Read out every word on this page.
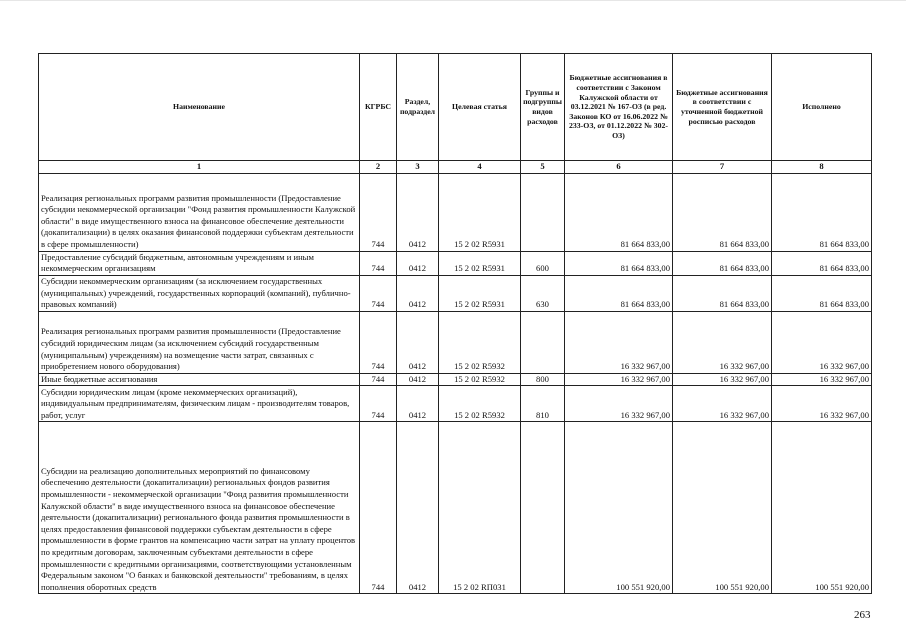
Наименование	КГРБС	Раздел, подраздел	Целевая статья	Группы и подгруппы видов расходов	Бюджетные ассигнования в соответствии с Законом Калужской области от 03.12.2021 № 167-ОЗ (в ред. Законов КО от 16.06.2022 № 233-ОЗ, от 01.12.2022 № 302-ОЗ)	Бюджетные ассигнования в соответствии с уточненной бюджетной росписью расходов	Исполнено
1	2	3	4	5	6	7	8
Реализация региональных программ развития промышленности (Предоставление субсидии некоммерческой организации "Фонд развития промышленности Калужской области" в виде имущественного взноса на финансовое обеспечение деятельности (докапитализации) в целях оказания финансовой поддержки субъектам деятельности в сфере промышленности)	744	0412	15 2 02 R5931		81 664 833,00	81 664 833,00	81 664 833,00
Предоставление субсидий бюджетным, автономным учреждениям и иным некоммерческим организациям	744	0412	15 2 02 R5931	600	81 664 833,00	81 664 833,00	81 664 833,00
Субсидии некоммерческим организациям (за исключением государственных (муниципальных) учреждений, государственных корпораций (компаний), публично-правовых компаний)	744	0412	15 2 02 R5931	630	81 664 833,00	81 664 833,00	81 664 833,00
Реализация региональных программ развития промышленности (Предоставление субсидий юридическим лицам (за исключением субсидий государственным (муниципальным) учреждениям) на возмещение части затрат, связанных с приобретением нового оборудования)	744	0412	15 2 02 R5932		16 332 967,00	16 332 967,00	16 332 967,00
Иные бюджетные ассигнования	744	0412	15 2 02 R5932	800	16 332 967,00	16 332 967,00	16 332 967,00
Субсидии юридическим лицам (кроме некоммерческих организаций), индивидуальным предпринимателям, физическим лицам - производителям товаров, работ, услуг	744	0412	15 2 02 R5932	810	16 332 967,00	16 332 967,00	16 332 967,00
Субсидии на реализацию дополнительных мероприятий по финансовому обеспечению деятельности (докапитализации) региональных фондов развития промышленности - некоммерческой организации "Фонд развития промышленности Калужской области" в виде имущественного взноса на финансовое обеспечение деятельности (докапитализации) регионального фонда развития промышленности в целях предоставления финансовой поддержки субъектам деятельности в сфере промышленности в форме грантов на компенсацию части затрат на уплату процентов по кредитным договорам, заключенным субъектами деятельности в сфере промышленности с кредитными организациями, соответствующими установленным Федеральным законом "О банках и банковской деятельности" требованиям, в целях пополнения оборотных средств	744	0412	15 2 02 RП031		100 551 920,00	100 551 920,00	100 551 920,00
263
